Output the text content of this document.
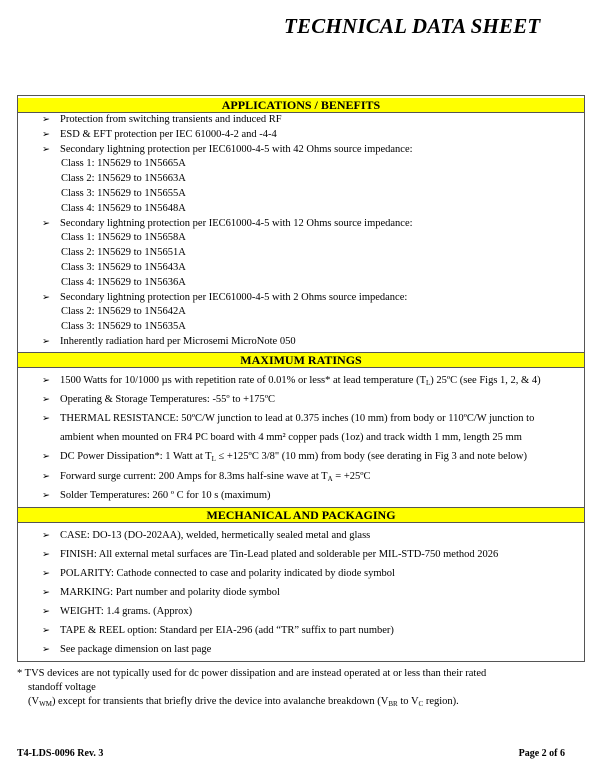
TECHNICAL DATA SHEET
APPLICATIONS / BENEFITS
➢ Protection from switching transients and induced RF
➢ ESD & EFT protection per IEC 61000-4-2 and -4-4
➢ Secondary lightning protection per IEC61000-4-5 with 42 Ohms source impedance:
Class 1: 1N5629 to 1N5665A
Class 2: 1N5629 to 1N5663A
Class 3: 1N5629 to 1N5655A
Class 4: 1N5629 to 1N5648A
➢ Secondary lightning protection per IEC61000-4-5 with 12 Ohms source impedance:
Class 1: 1N5629 to 1N5658A
Class 2: 1N5629 to 1N5651A
Class 3: 1N5629 to 1N5643A
Class 4: 1N5629 to 1N5636A
➢ Secondary lightning protection per IEC61000-4-5 with 2 Ohms source impedance:
Class 2: 1N5629 to 1N5642A
Class 3: 1N5629 to 1N5635A
➢ Inherently radiation hard per Microsemi MicroNote 050
MAXIMUM RATINGS
➢ 1500 Watts for 10/1000 µs with repetition rate of 0.01% or less* at lead temperature $(T_L)$ 25ºC (see Figs 1, 2, & 4)
➢ Operating & Storage Temperatures: -55º to +175ºC
➢ THERMAL RESISTANCE: 50ºC/W junction to lead at 0.375 inches (10 mm) from body or 110ºC/W junction to
ambient when mounted on FR4 PC board with 4 mm² copper pads (1oz) and track width 1 mm, length 25 mm
➢ DC Power Dissipation*: 1 Watt at $T_L$ ≤ +125ºC 3/8" (10 mm) from body (see derating in Fig 3 and note below)
➢ Forward surge current: 200 Amps for 8.3ms half-sine wave at $T_A$ = +25ºC
➢ Solder Temperatures: 260 º C for 10 s (maximum)
MECHANICAL AND PACKAGING
➢ CASE: DO-13 (DO-202AA), welded, hermetically sealed metal and glass
➢ FINISH: All external metal surfaces are Tin-Lead plated and solderable per MIL-STD-750 method 2026
➢ POLARITY: Cathode connected to case and polarity indicated by diode symbol
➢ MARKING: Part number and polarity diode symbol
➢ WEIGHT: 1.4 grams. (Approx)
➢ TAPE & REEL option: Standard per EIA-296 (add “TR” suffix to part number)
➢ See package dimension on last page
* TVS devices are not typically used for dc power dissipation and are instead operated at or less than their rated
standoff voltage
$(V_{WM})$ except for transients that briefly drive the device into avalanche breakdown ($V_{BR}$ to $V_C$ region).
T4-LDS-0096 Rev. 3	Page 2 of 6
